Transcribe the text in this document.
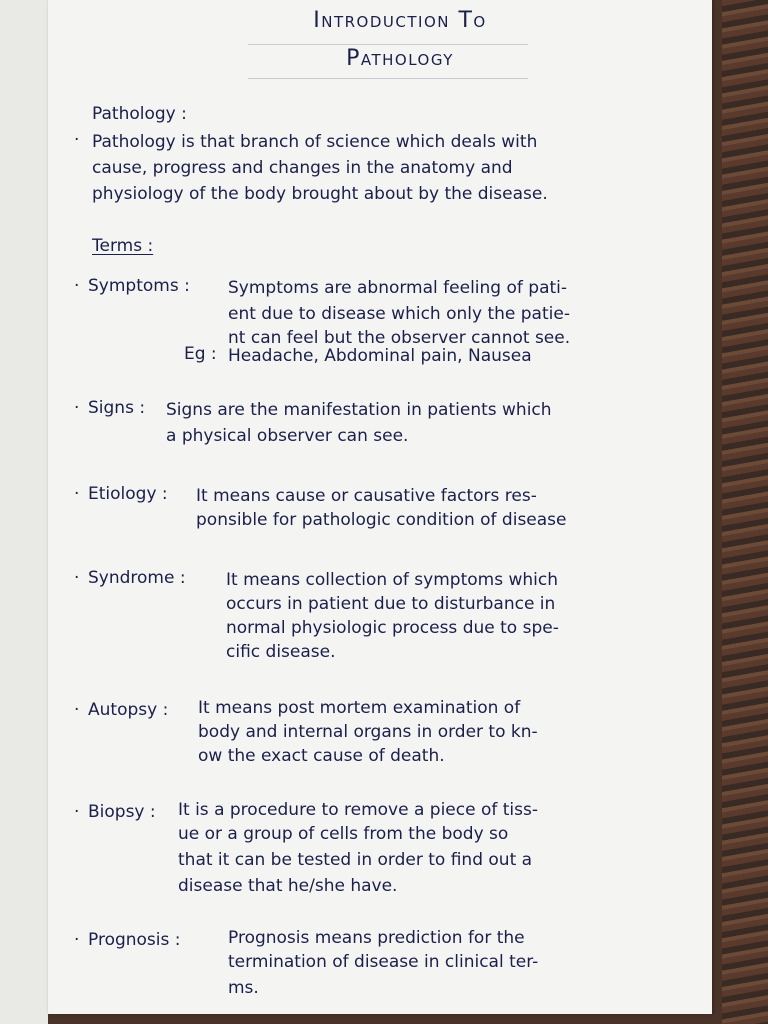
Introduction To
Pathology
Pathology :
· Pathology is that branch of science which deals with
cause, progress and changes in the anatomy and
physiology of the body brought about by the disease.
Terms :
· Symptoms : Symptoms are abnormal feeling of pati-
ent due to disease which only the patie-
nt can feel but the observer cannot see.
Eg : Headache, Abdominal pain, Nausea
· Signs : Signs are the manifestation in patients which
a physical observer can see.
· Etiology : It means cause or causative factors res-
ponsible for pathologic condition of disease
· Syndrome : It means collection of symptoms which
occurs in patient due to disturbance in
normal physiologic process due to spe-
cific disease.
· Autopsy : It means post mortem examination of
body and internal organs in order to kn-
ow the exact cause of death.
· Biopsy : It is a procedure to remove a piece of tiss-
ue or a group of cells from the body so
that it can be tested in order to find out a
disease that he/she have.
· Prognosis :	Prognosis means prediction for the
termination of disease in clinical ter-
ms.
